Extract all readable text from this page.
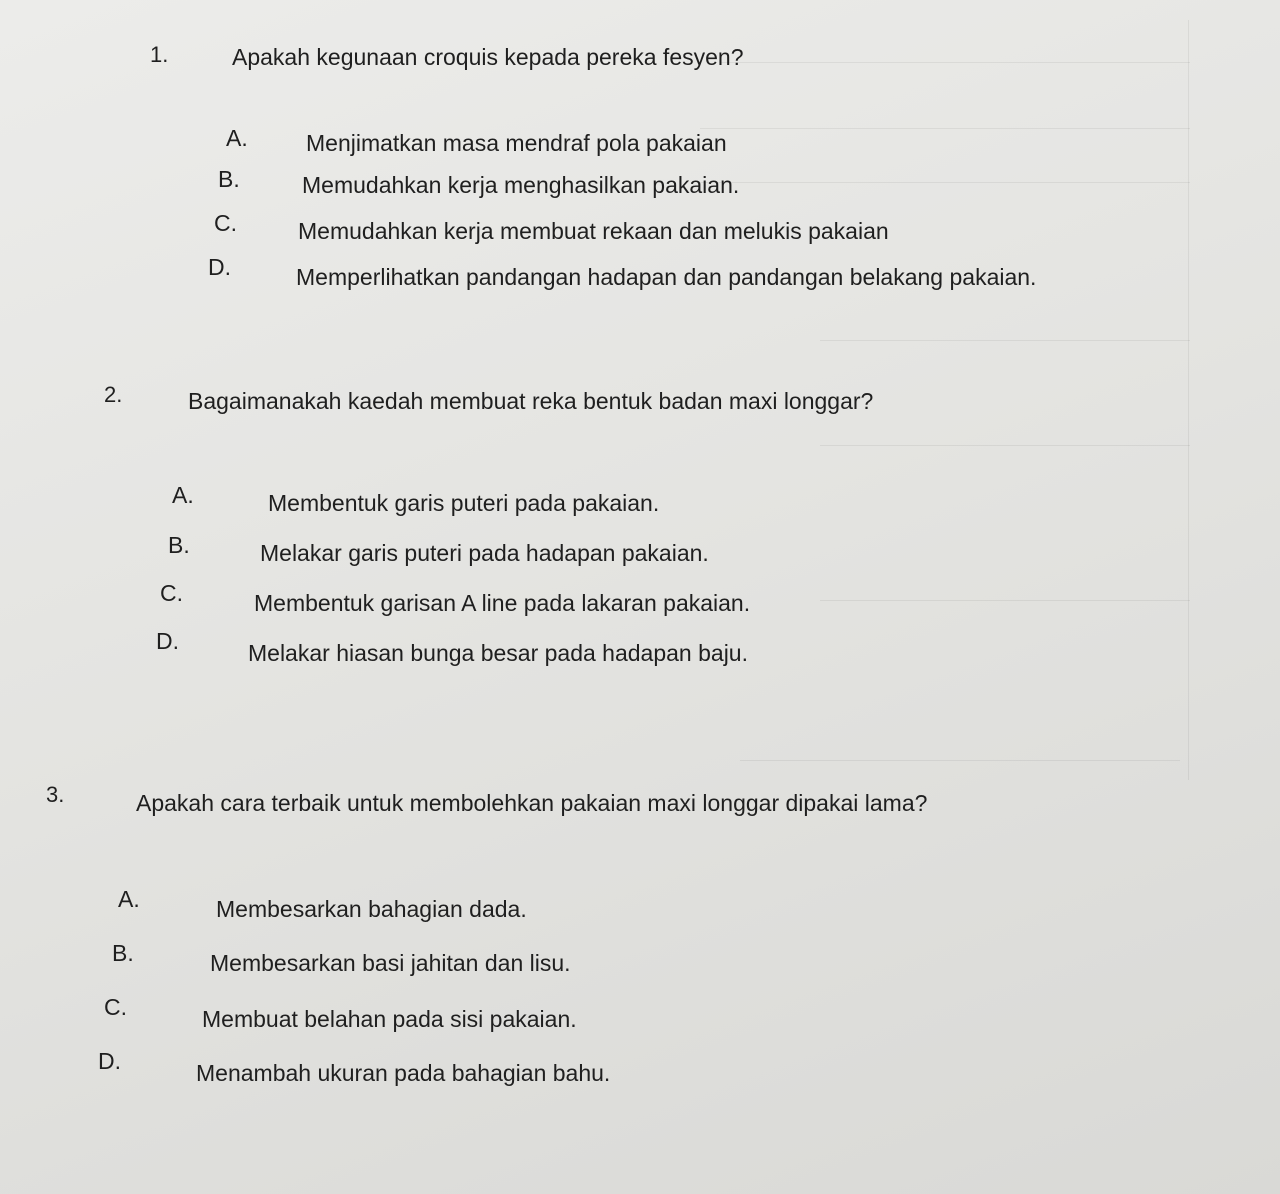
1.	Apakah kegunaan croquis kepada pereka fesyen?
A.	Menjimatkan masa mendraf pola pakaian
B.	Memudahkan kerja menghasilkan pakaian.
C.	Memudahkan kerja membuat rekaan dan melukis pakaian
D.	Memperlihatkan pandangan hadapan dan pandangan belakang pakaian.
2.	Bagaimanakah kaedah membuat reka bentuk badan maxi longgar?
A.	Membentuk garis puteri pada pakaian.
B.	Melakar garis puteri pada hadapan pakaian.
C.	Membentuk garisan A line pada lakaran pakaian.
D.	Melakar hiasan bunga besar pada hadapan baju.
3.	Apakah cara terbaik untuk membolehkan pakaian maxi longgar dipakai lama?
A.	Membesarkan bahagian dada.
B.	Membesarkan basi jahitan dan lisu.
C.	Membuat belahan pada sisi pakaian.
D.	Menambah ukuran pada bahagian bahu.
